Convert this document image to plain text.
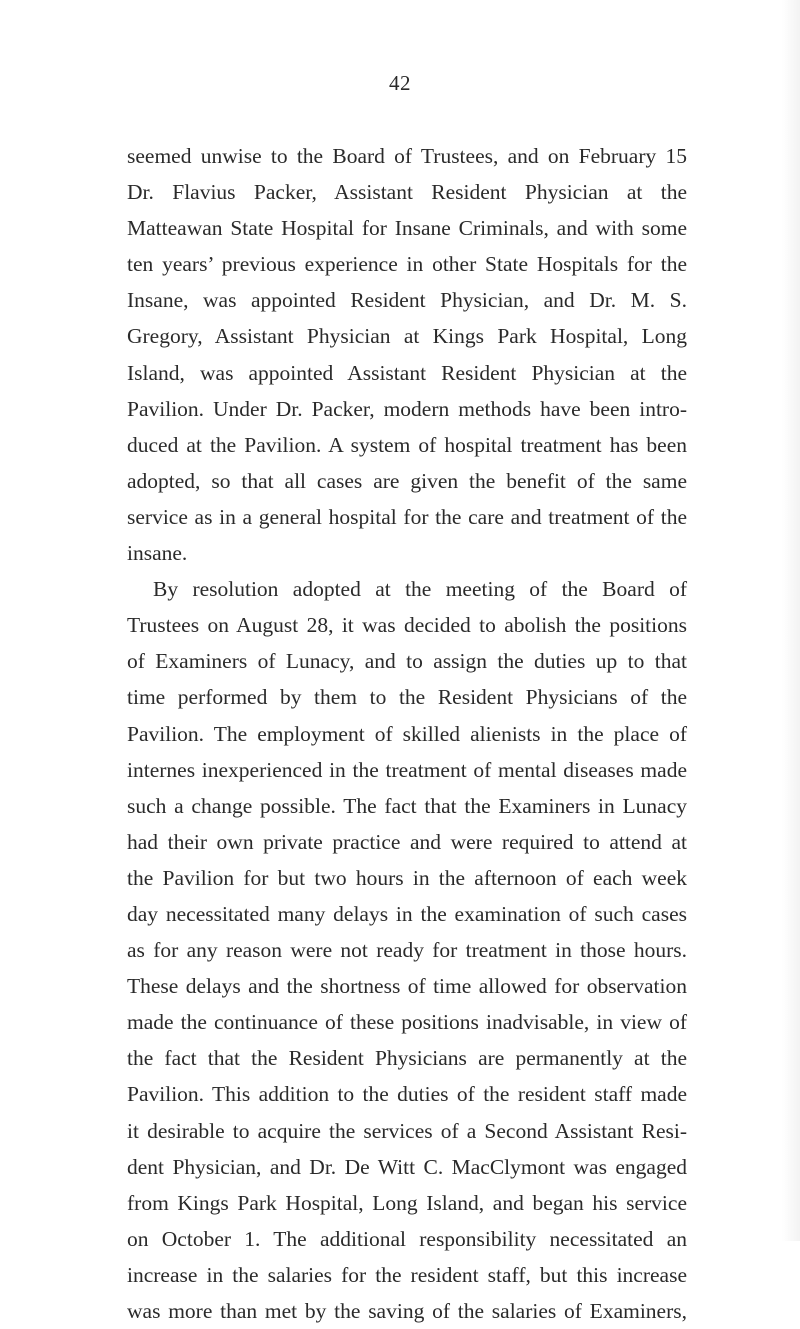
42
seemed unwise to the Board of Trustees, and on February 15
Dr. Flavius Packer, Assistant Resident Physician at the
Matteawan State Hospital for Insane Criminals, and with some
ten years’ previous experience in other State Hospitals for the
Insane, was appointed Resident Physician, and Dr. M. S.
Gregory, Assistant Physician at Kings Park Hospital, Long
Island, was appointed Assistant Resident Physician at the
Pavilion. Under Dr. Packer, modern methods have been intro-
duced at the Pavilion. A system of hospital treatment has been
adopted, so that all cases are given the benefit of the same
service as in a general hospital for the care and treatment of the
insane.
By resolution adopted at the meeting of the Board of
Trustees on August 28, it was decided to abolish the positions
of Examiners of Lunacy, and to assign the duties up to that
time performed by them to the Resident Physicians of the
Pavilion. The employment of skilled alienists in the place of
internes inexperienced in the treatment of mental diseases made
such a change possible. The fact that the Examiners in Lunacy
had their own private practice and were required to attend at
the Pavilion for but two hours in the afternoon of each week
day necessitated many delays in the examination of such cases
as for any reason were not ready for treatment in those hours.
These delays and the shortness of time allowed for observation
made the continuance of these positions inadvisable, in view of
the fact that the Resident Physicians are permanently at the
Pavilion. This addition to the duties of the resident staff made
it desirable to acquire the services of a Second Assistant Resi-
dent Physician, and Dr. De Witt C. MacClymont was engaged
from Kings Park Hospital, Long Island, and began his service
on October 1. The additional responsibility necessitated an
increase in the salaries for the resident staff, but this increase
was more than met by the saving of the salaries of Examiners,
